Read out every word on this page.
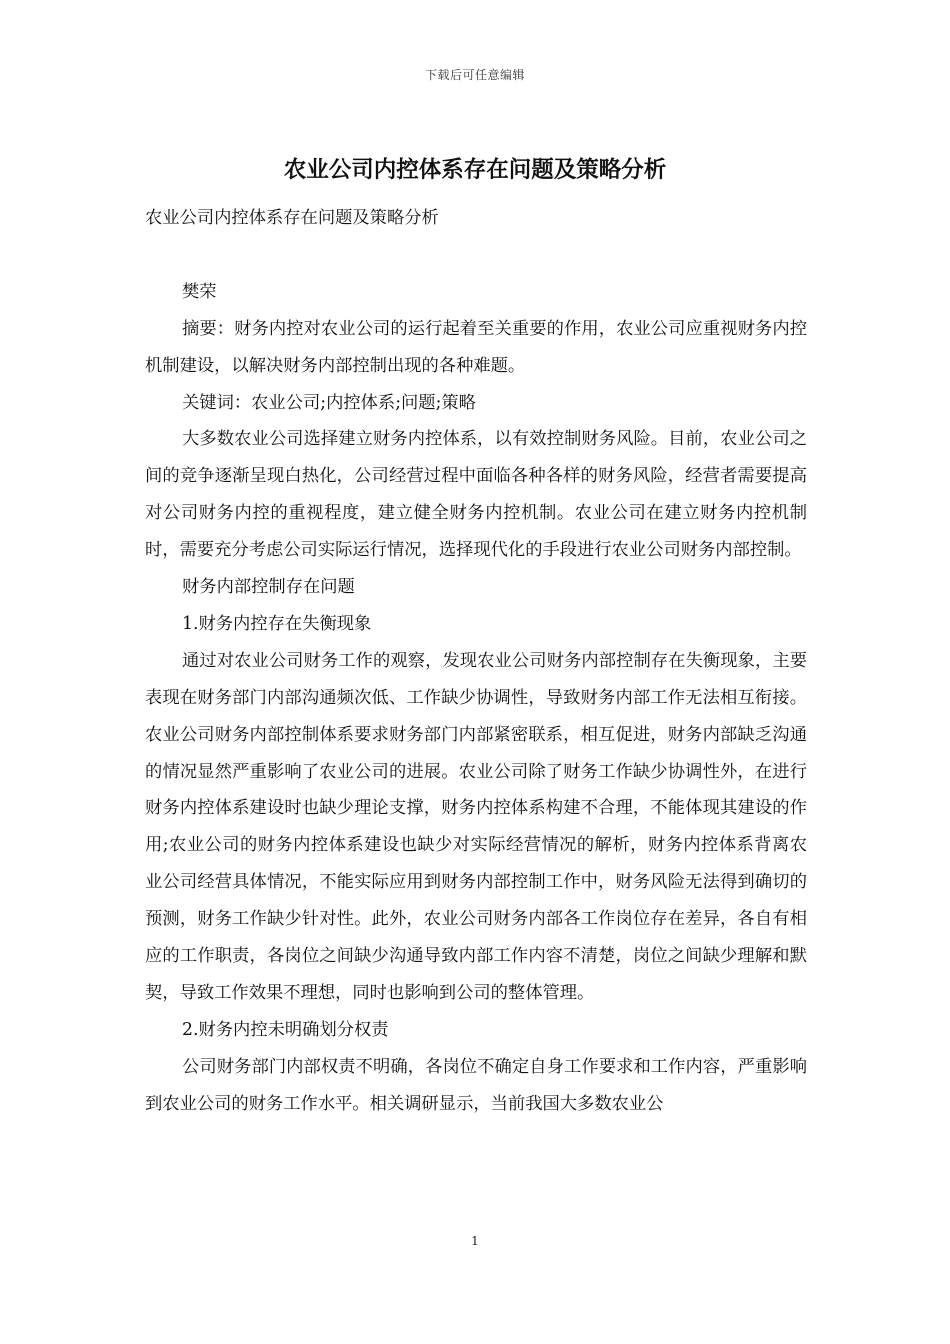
下载后可任意编辑
农业公司内控体系存在问题及策略分析

农业公司内控体系存在问题及策略分析

樊荣

摘要：财务内控对农业公司的运行起着至关重要的作用，农业公司应重视财务内控机制建设，以解决财务内部控制出现的各种难题。

关键词：农业公司;内控体系;问题;策略

大多数农业公司选择建立财务内控体系，以有效控制财务风险。目前，农业公司之间的竞争逐渐呈现白热化，公司经营过程中面临各种各样的财务风险，经营者需要提高对公司财务内控的重视程度，建立健全财务内控机制。农业公司在建立财务内控机制时，需要充分考虑公司实际运行情况，选择现代化的手段进行农业公司财务内部控制。

财务内部控制存在问题

1.财务内控存在失衡现象

通过对农业公司财务工作的观察，发现农业公司财务内部控制存在失衡现象，主要表现在财务部门内部沟通频次低、工作缺少协调性，导致财务内部工作无法相互衔接。农业公司财务内部控制体系要求财务部门内部紧密联系，相互促进，财务内部缺乏沟通的情况显然严重影响了农业公司的进展。农业公司除了财务工作缺少协调性外，在进行财务内控体系建设时也缺少理论支撑，财务内控体系构建不合理，不能体现其建设的作用;农业公司的财务内控体系建设也缺少对实际经营情况的解析，财务内控体系背离农业公司经营具体情况，不能实际应用到财务内部控制工作中，财务风险无法得到确切的预测，财务工作缺少针对性。此外，农业公司财务内部各工作岗位存在差异，各自有相应的工作职责，各岗位之间缺少沟通导致内部工作内容不清楚，岗位之间缺少理解和默契，导致工作效果不理想，同时也影响到公司的整体管理。

2.财务内控未明确划分权责

公司财务部门内部权责不明确，各岗位不确定自身工作要求和工作内容，严重影响到农业公司的财务工作水平。相关调研显示，当前我国大多数农业公

1
